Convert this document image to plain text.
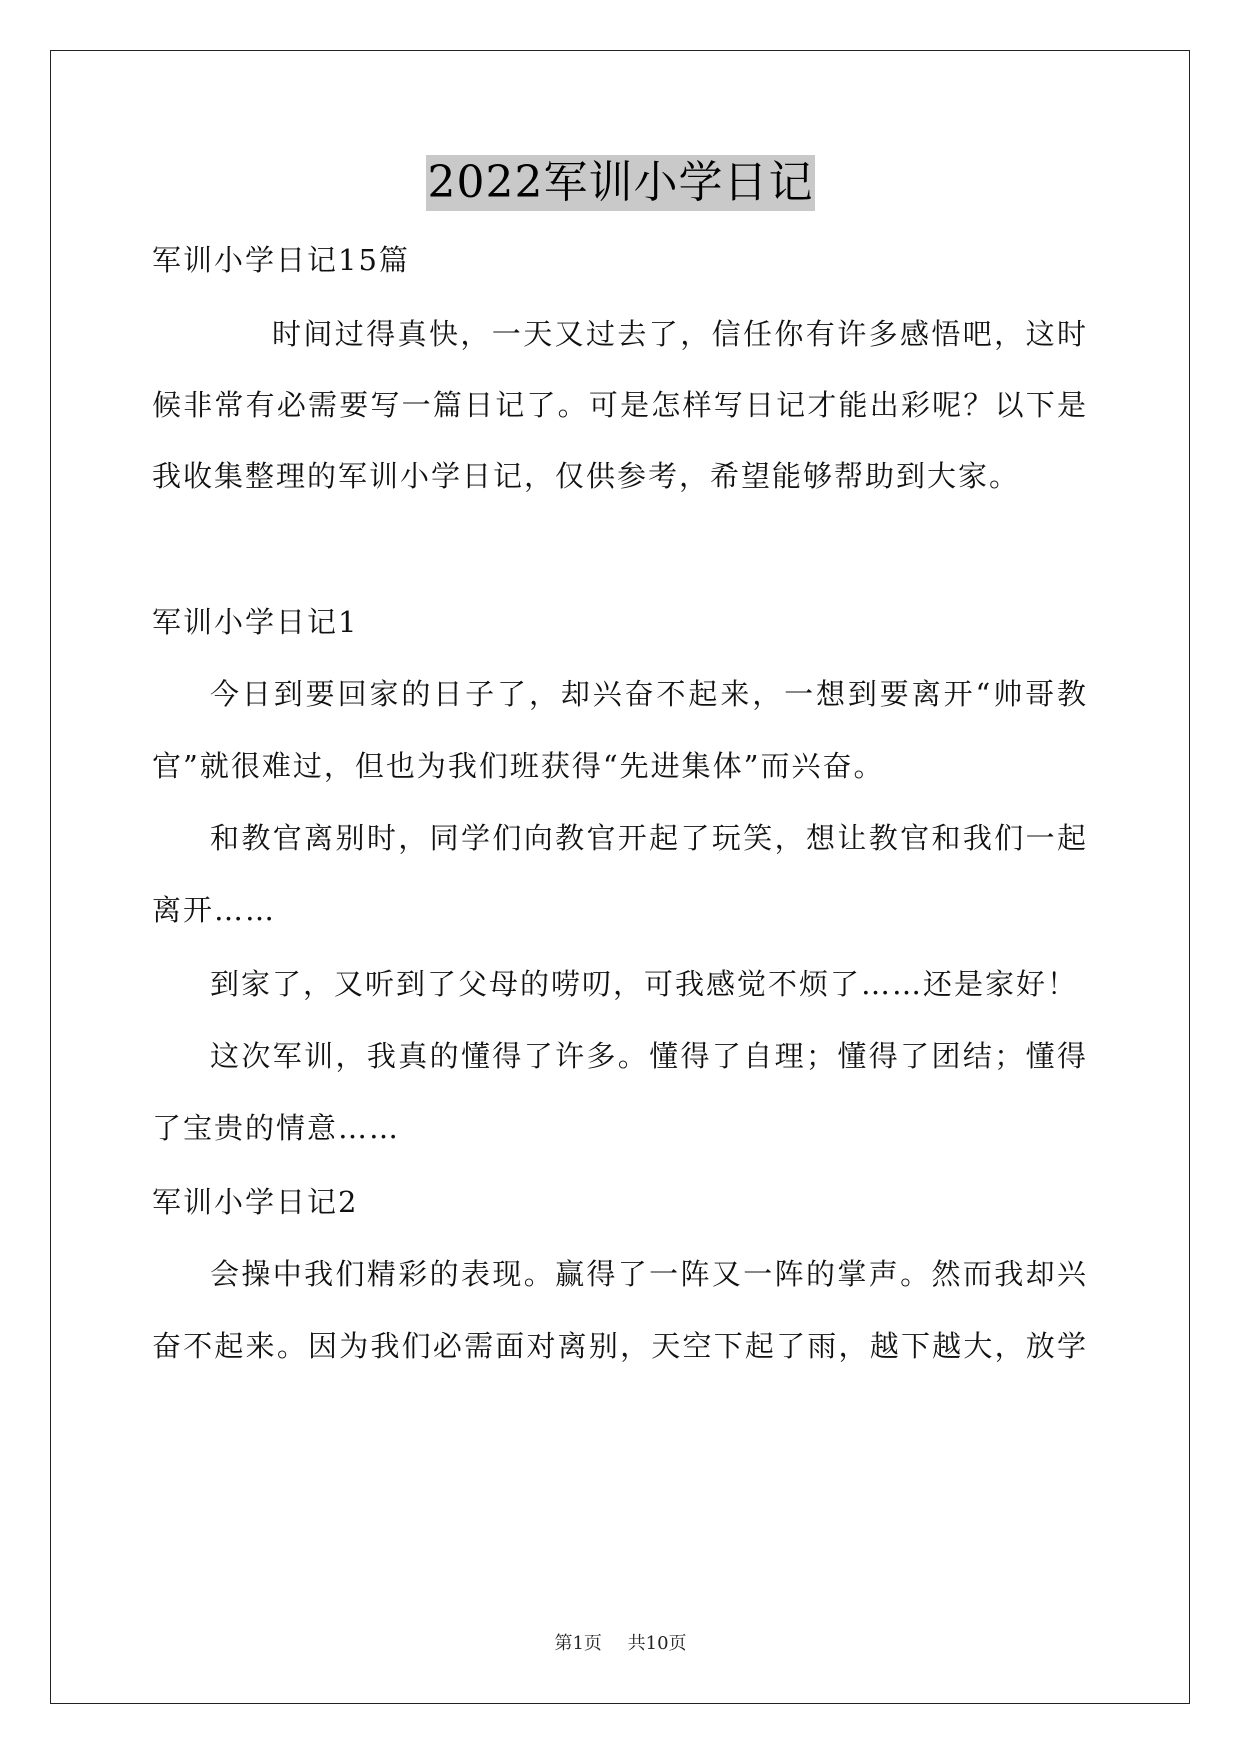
2022军训小学日记
军训小学日记15篇
时间过得真快，一天又过去了，信任你有许多感悟吧，这时
候非常有必需要写一篇日记了。可是怎样写日记才能出彩呢？以下是
我收集整理的军训小学日记，仅供参考，希望能够帮助到大家。
军训小学日记1
今日到要回家的日子了，却兴奋不起来，一想到要离开“帅哥教
官”就很难过，但也为我们班获得“先进集体”而兴奋。
和教官离别时，同学们向教官开起了玩笑，想让教官和我们一起
离开……
到家了，又听到了父母的唠叨，可我感觉不烦了……还是家好！
这次军训，我真的懂得了许多。懂得了自理；懂得了团结；懂得
了宝贵的情意……
军训小学日记2
会操中我们精彩的表现。赢得了一阵又一阵的掌声。然而我却兴
奋不起来。因为我们必需面对离别，天空下起了雨，越下越大，放学
第1页 共10页
